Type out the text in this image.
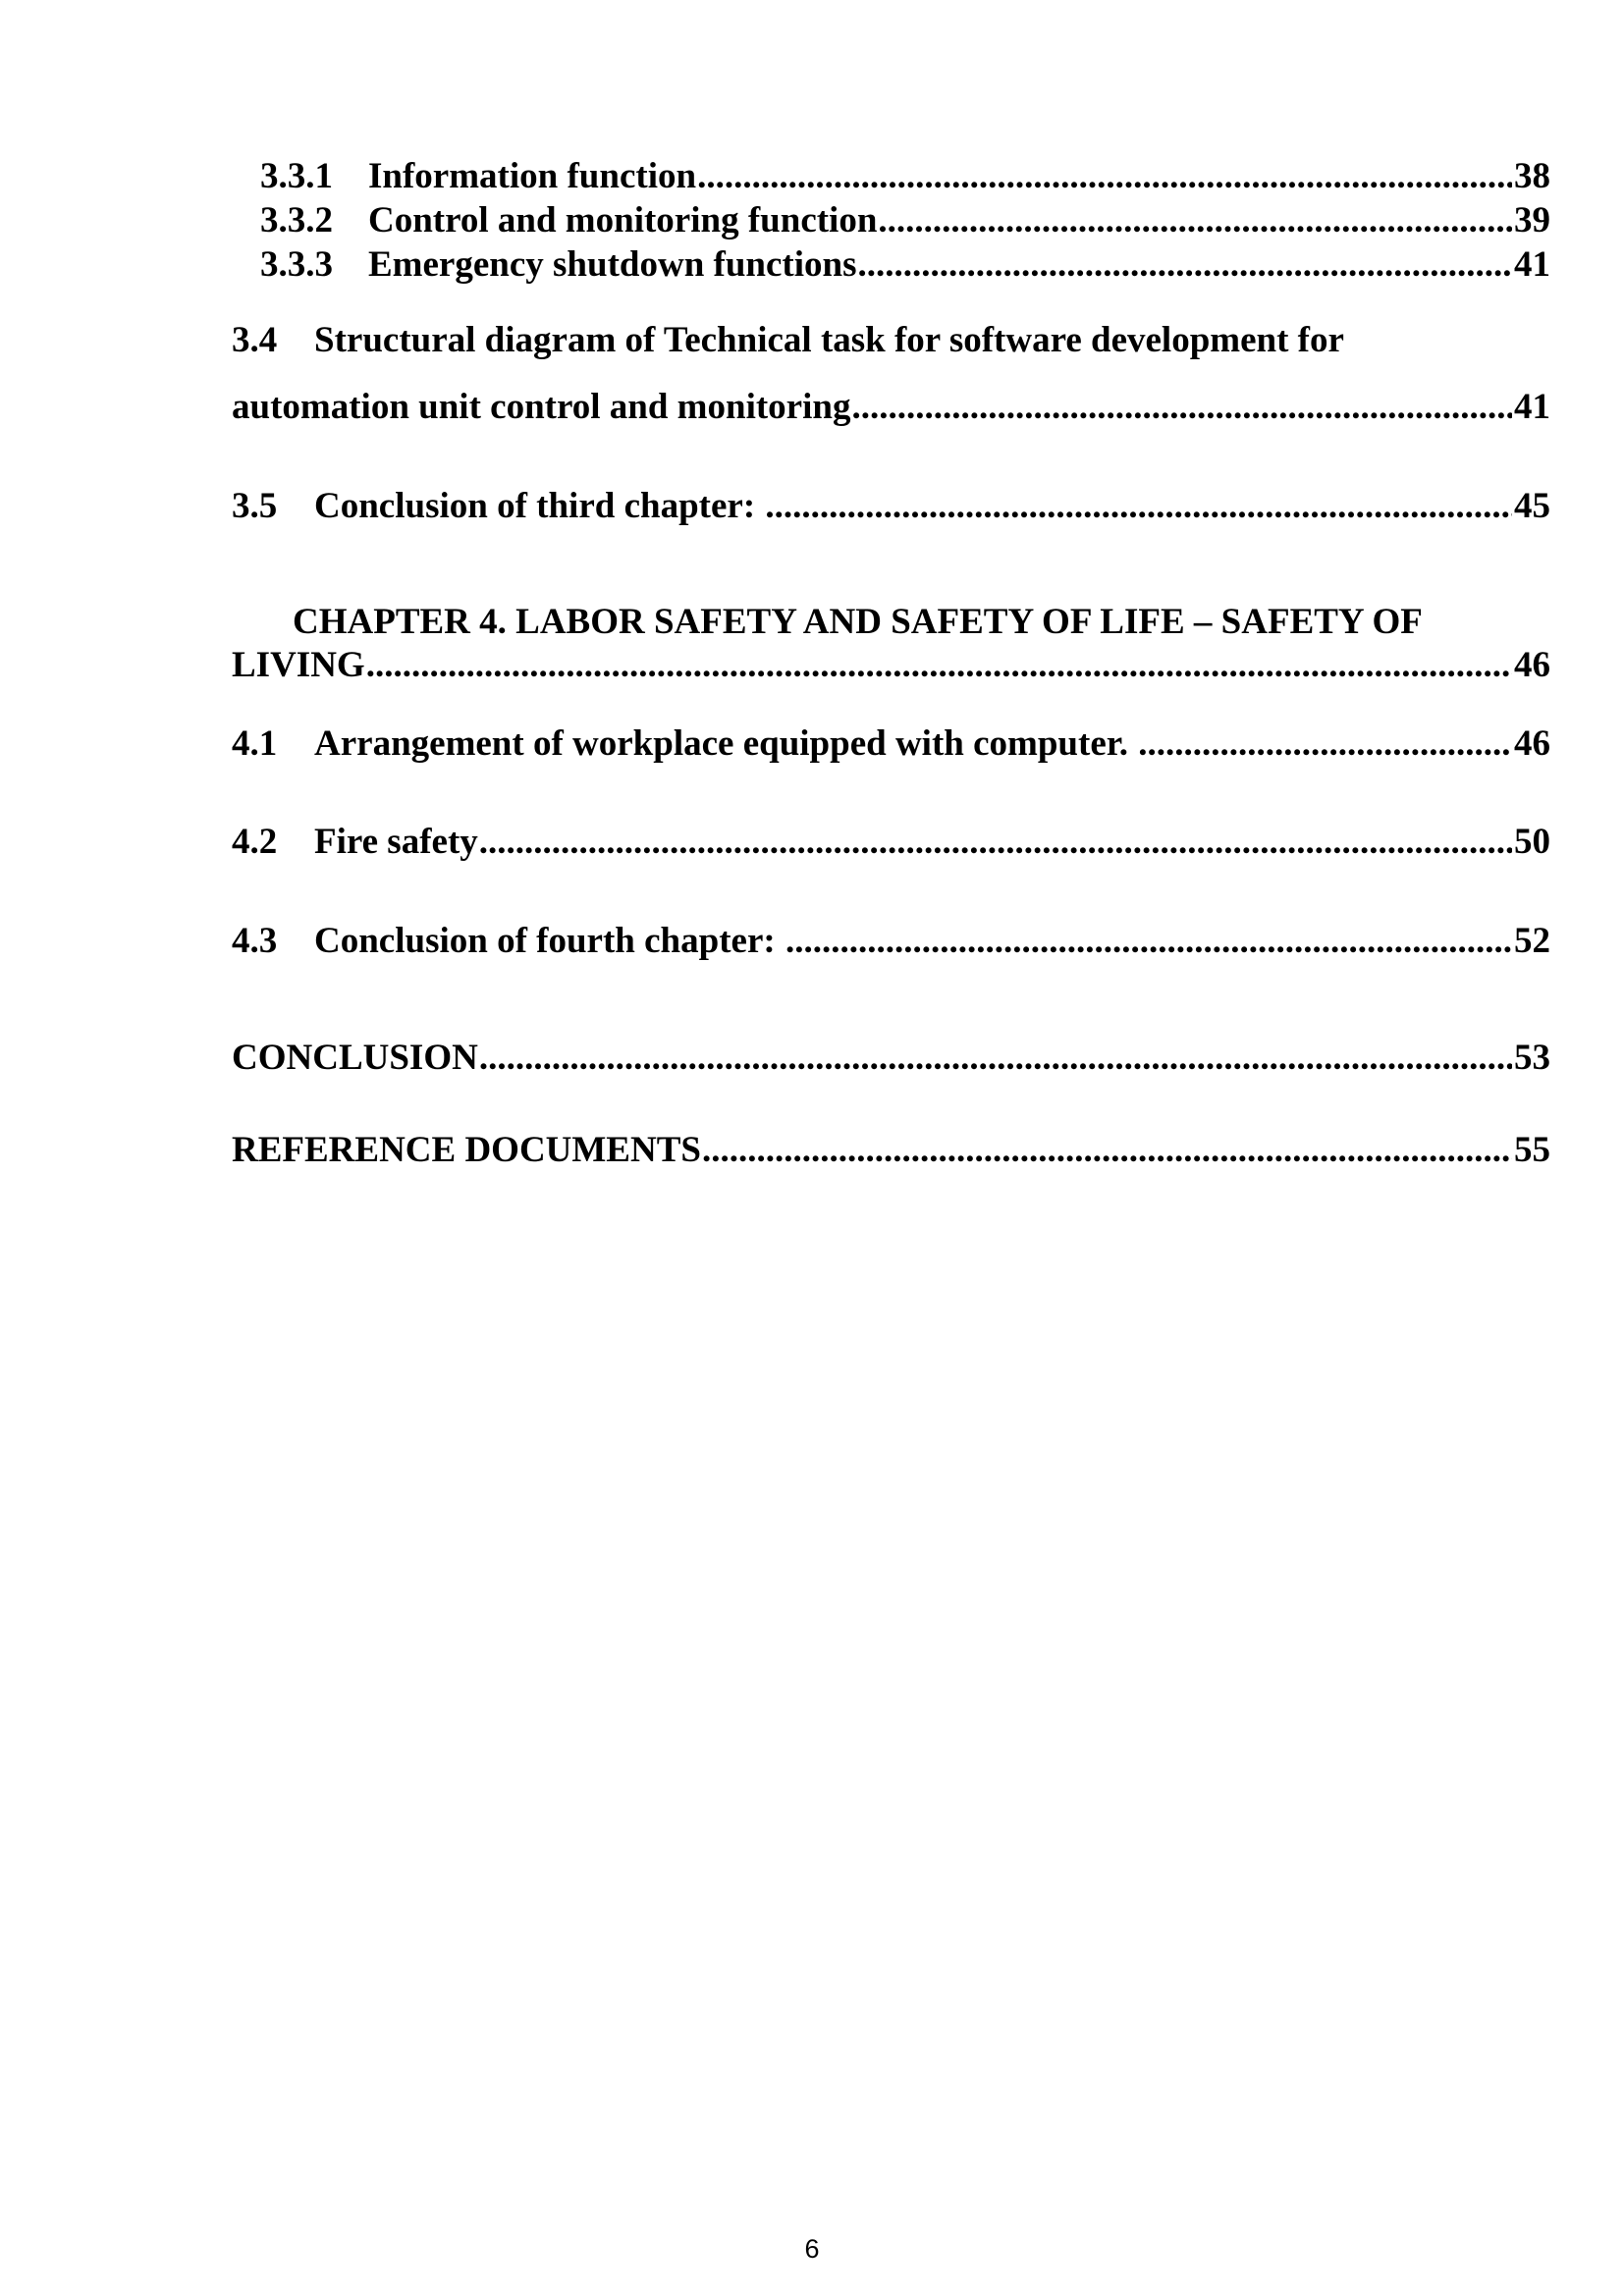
3.3.1 Information function .....	38
3.3.2 Control and monitoring function .....	39
3.3.3 Emergency shutdown functions .....	41
3.4 Structural diagram of Technical task for software development for
automation unit control and monitoring .....	41
3.5	Conclusion of third chapter: .....	45
CHAPTER 4. LABOR SAFETY AND SAFETY OF LIFE – SAFETY OF
LIVING .....	46
4.1	Arrangement of workplace equipped with computer. .....	46
4.2	Fire safety .....	50
4.3	Conclusion of fourth chapter: .....	52
CONCLUSION .....	53
REFERENCE DOCUMENTS .....	55
6
